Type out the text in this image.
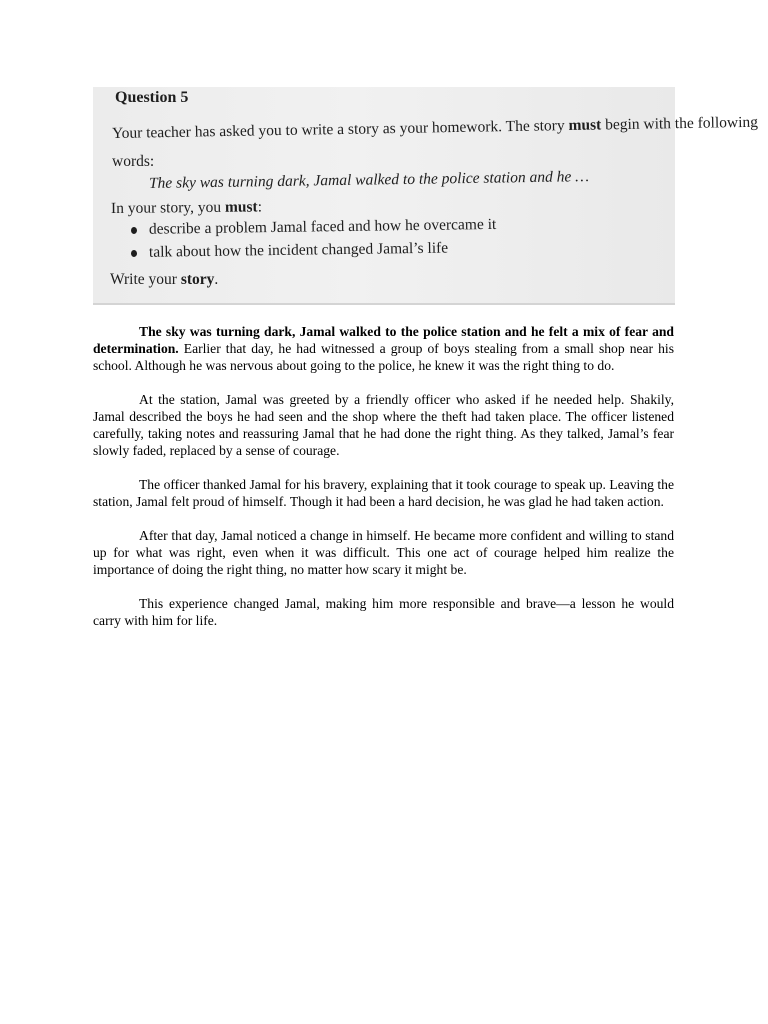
Question 5
Your teacher has asked you to write a story as your homework. The story must begin with the following
words:
The sky was turning dark, Jamal walked to the police station and he …
In your story, you must:
describe a problem Jamal faced and how he overcame it
talk about how the incident changed Jamal’s life
Write your story.

The sky was turning dark, Jamal walked to the police station and he felt a mix of fear and determination. Earlier that day, he had witnessed a group of boys stealing from a small shop near his school. Although he was nervous about going to the police, he knew it was the right thing to do.

At the station, Jamal was greeted by a friendly officer who asked if he needed help. Shakily, Jamal described the boys he had seen and the shop where the theft had taken place. The officer listened carefully, taking notes and reassuring Jamal that he had done the right thing. As they talked, Jamal’s fear slowly faded, replaced by a sense of courage.

The officer thanked Jamal for his bravery, explaining that it took courage to speak up. Leaving the station, Jamal felt proud of himself. Though it had been a hard decision, he was glad he had taken action.

After that day, Jamal noticed a change in himself. He became more confident and willing to stand up for what was right, even when it was difficult. This one act of courage helped him realize the importance of doing the right thing, no matter how scary it might be.

This experience changed Jamal, making him more responsible and brave—a lesson he would carry with him for life.
